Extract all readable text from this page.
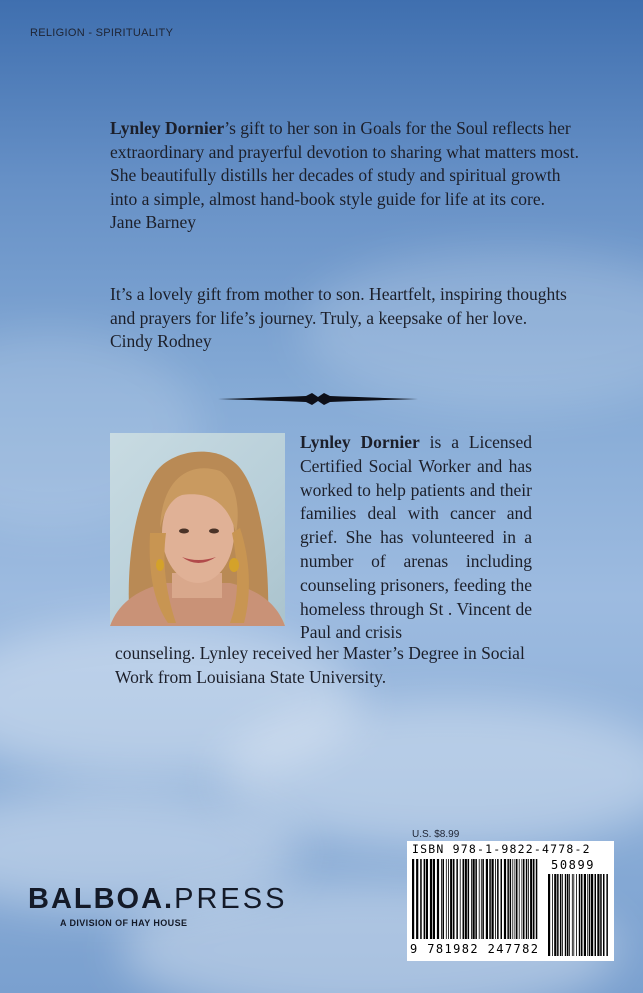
RELIGION - SPIRITUALITY

Lynley Dornier’s gift to her son in Goals for the Soul reflects her extraordinary and prayerful devotion to sharing what matters most. She beautifully distills her decades of study and spiritual growth into a simple, almost hand-book style guide for life at its core.

Jane Barney

It’s a lovely gift from mother to son. Heartfelt, inspiring thoughts and prayers for life’s journey. Truly, a keepsake of her love.

Cindy Rodney

Lynley Dornier is a Licensed Certified Social Worker and has worked to help patients and their families deal with cancer and grief. She has volunteered in a number of arenas including counseling prisoners, feeding the homeless through St . Vincent de Paul and crisis

counseling. Lynley received her Master’s Degree in Social Work from Louisiana State University.

BALBOA . PRESS
A DIVISION OF HAY HOUSE
U.S. $8.99
ISBN 978-1-9822-4778-2
9 781982 247782
50899
